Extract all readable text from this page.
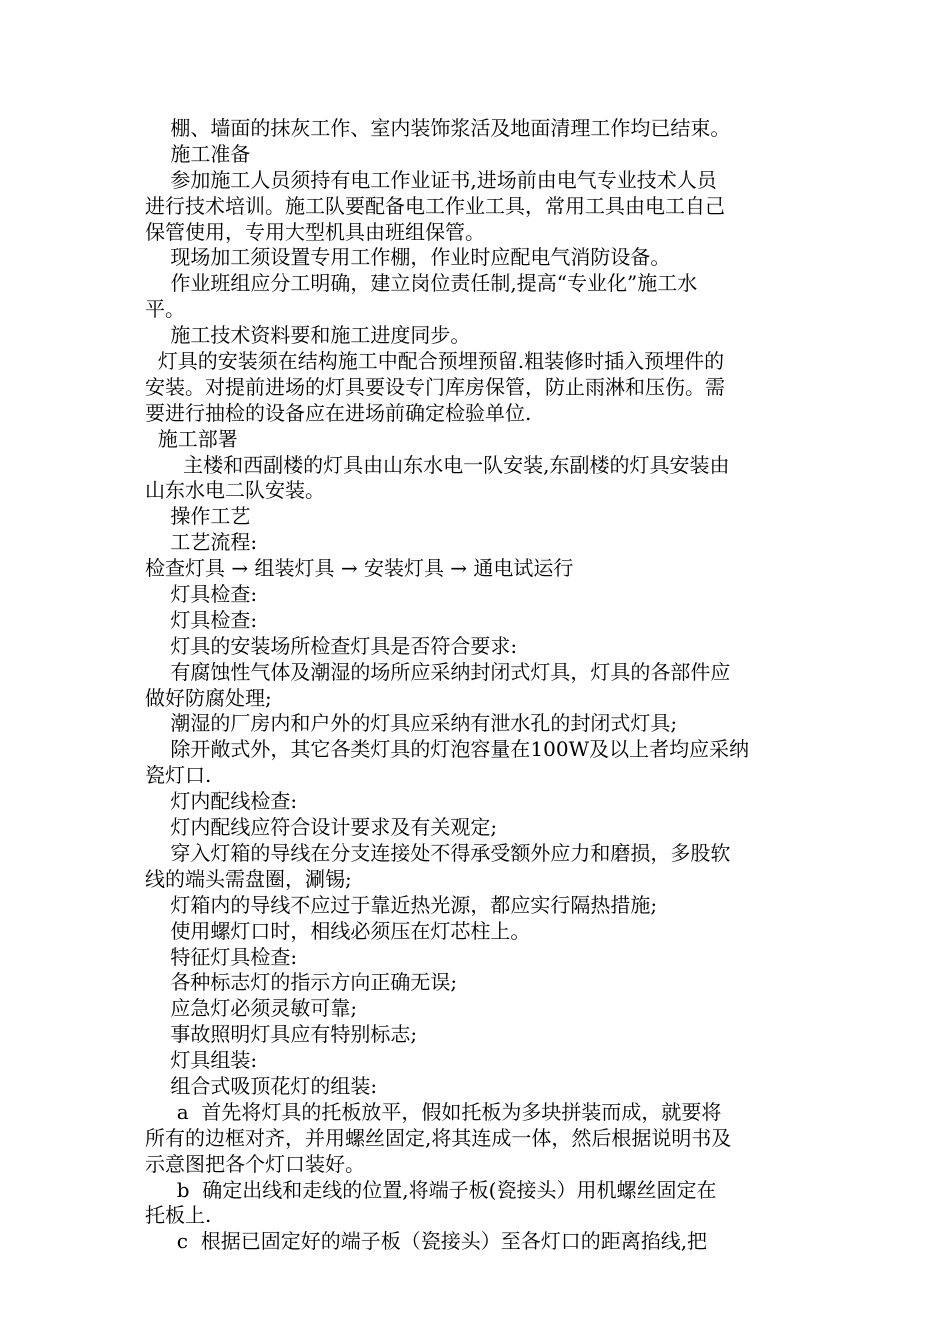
棚、墙面的抹灰工作、室内装饰浆活及地面清理工作均已结束。
施工准备
参加施工人员须持有电工作业证书,进场前由电气专业技术人员
进行技术培训。施工队要配备电工作业工具，常用工具由电工自己
保管使用，专用大型机具由班组保管。
现场加工须设置专用工作棚，作业时应配电气消防设备。
作业班组应分工明确，建立岗位责任制,提高“专业化”施工水
平。
施工技术资料要和施工进度同步。
灯具的安装须在结构施工中配合预埋预留.粗装修时插入预埋件的
安装。对提前进场的灯具要设专门库房保管，防止雨淋和压伤。需
要进行抽检的设备应在进场前确定检验单位.
施工部署
主楼和西副楼的灯具由山东水电一队安装,东副楼的灯具安装由
山东水电二队安装。
操作工艺
工艺流程:
检查灯具 → 组装灯具 → 安装灯具 → 通电试运行
灯具检查:
灯具检查:
灯具的安装场所检查灯具是否符合要求:
有腐蚀性气体及潮湿的场所应采纳封闭式灯具，灯具的各部件应
做好防腐处理;
潮湿的厂房内和户外的灯具应采纳有泄水孔的封闭式灯具;
除开敞式外，其它各类灯具的灯泡容量在100W及以上者均应采纳
瓷灯口.
灯内配线检查:
灯内配线应符合设计要求及有关观定;
穿入灯箱的导线在分支连接处不得承受额外应力和磨损，多股软
线的端头需盘圈，涮锡;
灯箱内的导线不应过于靠近热光源，都应实行隔热措施;
使用螺灯口时，相线必须压在灯芯柱上。
特征灯具检查:
各种标志灯的指示方向正确无误;
应急灯必须灵敏可靠;
事故照明灯具应有特别标志;
灯具组装:
组合式吸顶花灯的组装:
a  首先将灯具的托板放平，假如托板为多块拼装而成，就要将
所有的边框对齐，并用螺丝固定,将其连成一体，然后根据说明书及
示意图把各个灯口装好。
b  确定出线和走线的位置,将端子板(瓷接头）用机螺丝固定在
托板上.
c  根据已固定好的端子板（瓷接头）至各灯口的距离掐线,把
